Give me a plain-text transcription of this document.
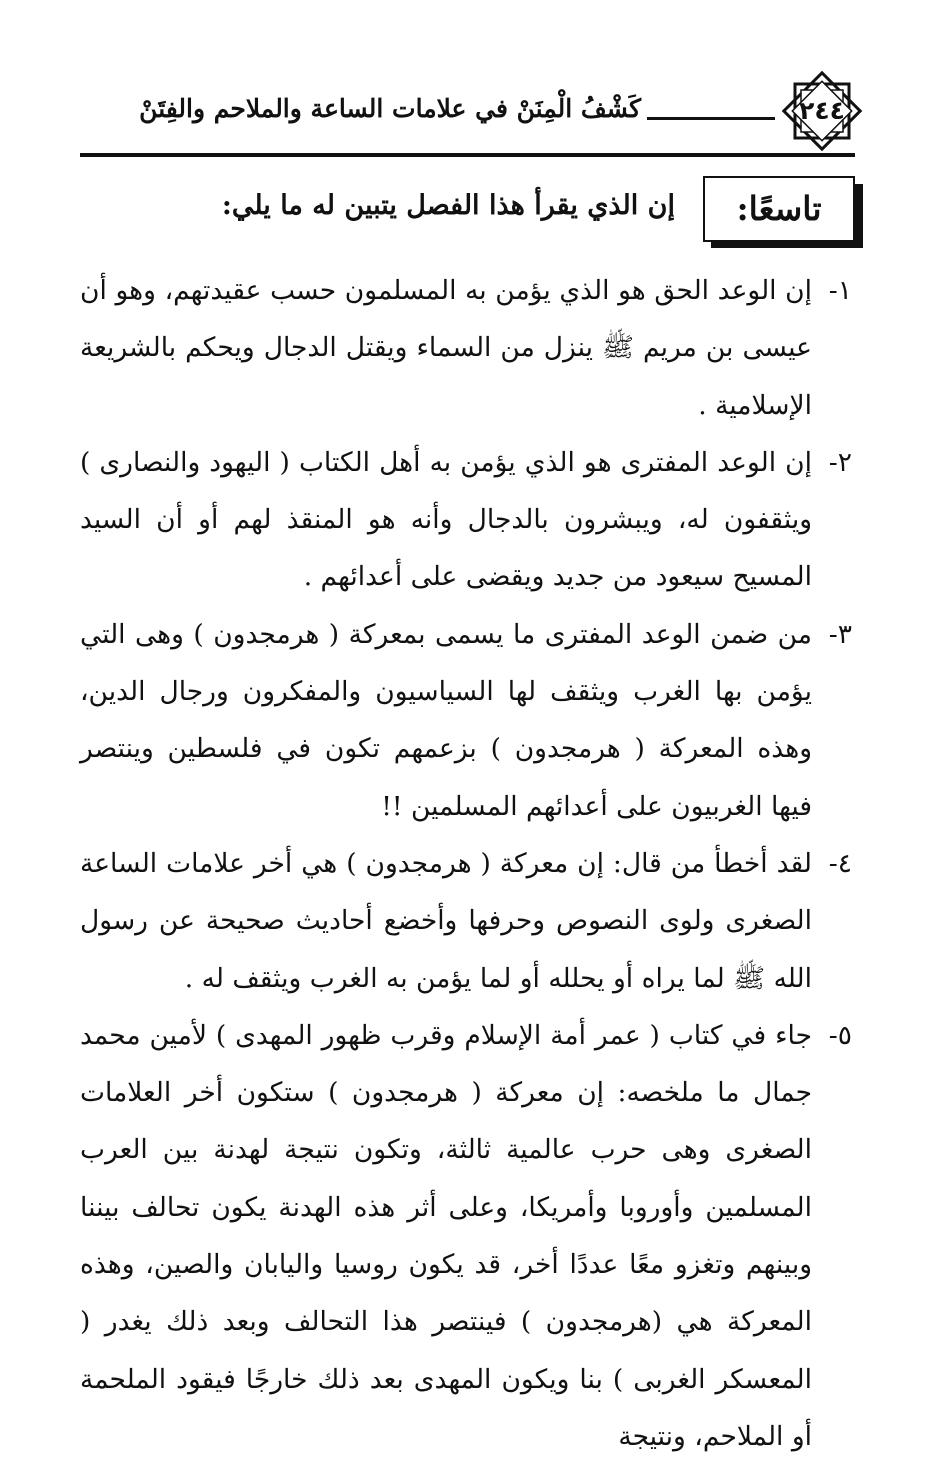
٢٤٤
كَشْفُ الْمِنَنْ في علامات الساعة والملاحم والفِتَنْ
تاسعًا:
إن الذي يقرأ هذا الفصل يتبين له ما يلي:
١-
إن الوعد الحق هو الذي يؤمن به المسلمون حسب عقيدتهم، وهو أن عيسى بن مريم ﷺ ينزل من السماء ويقتل الدجال ويحكم بالشريعة الإسلامية .
٢-
إن الوعد المفترى هو الذي يؤمن به أهل الكتاب ( اليهود والنصارى ) ويثقفون له، ويبشرون بالدجال وأنه هو المنقذ لهم أو أن السيد المسيح سيعود من جديد ويقضى على أعدائهم .
٣-
من ضمن الوعد المفترى ما يسمى بمعركة ( هرمجدون ) وهى التي يؤمن بها الغرب ويثقف لها السياسيون والمفكرون ورجال الدين، وهذه المعركة ( هرمجدون ) بزعمهم تكون في فلسطين وينتصر فيها الغربيون على أعدائهم المسلمين !!
٤-
لقد أخطأ من قال: إن معركة ( هرمجدون ) هي أخر علامات الساعة الصغرى ولوى النصوص وحرفها وأخضع أحاديث صحيحة عن رسول الله ﷺ لما يراه أو يحلله أو لما يؤمن به الغرب ويثقف له .
٥-
جاء في كتاب ( عمر أمة الإسلام وقرب ظهور المهدى ) لأمين محمد جمال ما ملخصه: إن معركة ( هرمجدون ) ستكون أخر العلامات الصغرى وهى حرب عالمية ثالثة، وتكون نتيجة لهدنة بين العرب المسلمين وأوروبا وأمريكا، وعلى أثر هذه الهدنة يكون تحالف بيننا وبينهم وتغزو معًا عددًا أخر، قد يكون روسيا واليابان والصين، وهذه المعركة هي (هرمجدون ) فينتصر هذا التحالف وبعد ذلك يغدر ( المعسكر الغربى ) بنا ويكون المهدى بعد ذلك خارجًا فيقود الملحمة أو الملاحم، ونتيجة
